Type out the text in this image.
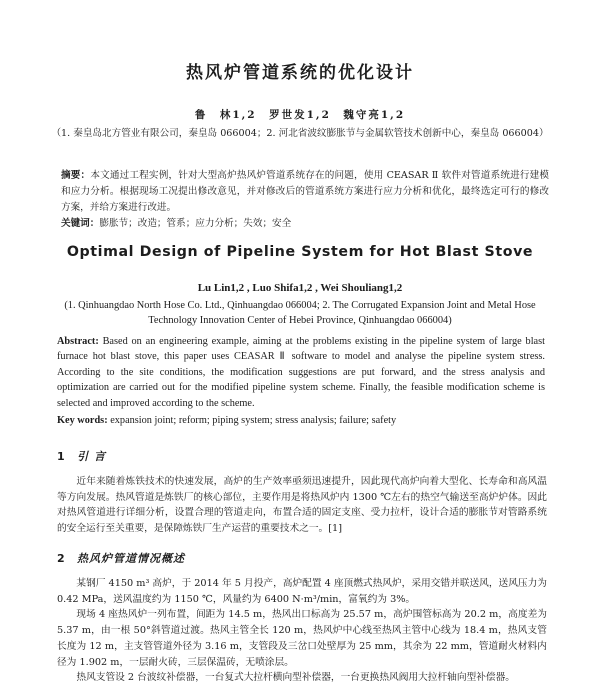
热风炉管道系统的优化设计
鲁　林1,2　罗世发1,2　魏守亮1,2
（1. 秦皇岛北方管业有限公司，秦皇岛 066004；2. 河北省波纹膨胀节与金属软管技术创新中心，秦皇岛 066004）
摘要：本文通过工程实例，针对大型高炉热风炉管道系统存在的问题，使用 CEASAR Ⅱ 软件对管道系统进行建模和应力分析。根据现场工况提出修改意见，并对修改后的管道系统方案进行应力分析和优化，最终选定可行的修改方案，并给方案进行改进。
关键词：膨胀节；改造；管系；应力分析；失效；安全
Optimal Design of Pipeline System for Hot Blast Stove
Lu Lin1,2 , Luo Shifa1,2 , Wei Shouliang1,2
(1. Qinhuangdao North Hose Co. Ltd., Qinhuangdao 066004; 2. The Corrugated Expansion Joint and Metal Hose Technology Innovation Center of Hebei Province, Qinhuangdao 066004)
Abstract: Based on an engineering example, aiming at the problems existing in the pipeline system of large blast furnace hot blast stove, this paper uses CEASAR Ⅱ software to model and analyse the pipeline system stress. According to the site conditions, the modification suggestions are put forward, and the stress analysis and optimization are carried out for the modified pipeline system scheme. Finally, the feasible modification scheme is selected and improved according to the scheme.
Key words: expansion joint; reform; piping system; stress analysis; failure; safety
1 引言
近年来随着炼铁技术的快速发展，高炉的生产效率亟须迅速提升，因此现代高炉向着大型化、长寿命和高风温等方向发展。热风管道是炼铁厂的核心部位，主要作用是将热风炉内 1300 ℃左右的热空气输送至高炉炉体。因此对热风管道进行详细分析，设置合理的管道走向，布置合适的固定支座、受力拉杆，设计合适的膨胀节对管路系统的安全运行至关重要，是保障炼铁厂生产运营的重要技术之一。[1]
2 热风炉管道情况概述
某钢厂 4150 m³ 高炉，于 2014 年 5 月投产，高炉配置 4 座顶燃式热风炉，采用交错并联送风，送风压力为 0.42 MPa，送风温度约为 1150 ℃，风量约为 6400 N·m³/min，富氧约为 3%。
现场 4 座热风炉一列布置，间距为 14.5 m，热风出口标高为 25.57 m，高炉围管标高为 20.2 m，高度差为 5.37 m，由一根 50°斜管道过渡。热风主管全长 120 m，热风炉中心线至热风主管中心线为 18.4 m，热风支管长度为 12 m，主支管管道外径为 3.16 m，支管段及三岔口处壁厚为 25 mm，其余为 22 mm，管道耐火材料内径为 1.902 m，一层耐火砖，三层保温砖，无喷涂层。
热风支管设 2 台波纹补偿器，一台复式大拉杆横向型补偿器，一台更换热风阀用大拉杆轴向型补偿器。
